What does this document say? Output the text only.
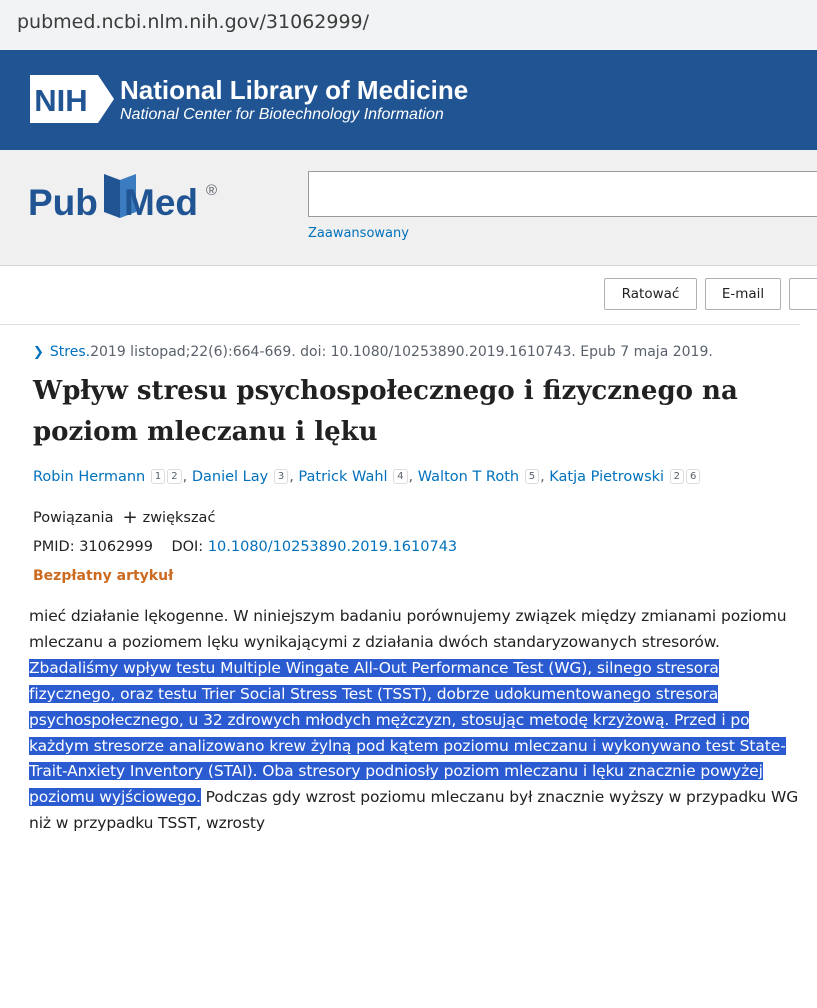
pubmed.ncbi.nlm.nih.gov/31062999/
NIH National Library of Medicine
National Center for Biotechnology Information
Pub Med ®
Zaawansowany
Ratować	E-mail
❯ Stres.2019 listopad;22(6):664-669. doi: 10.1080/10253890.2019.1610743. Epub 7 maja 2019.
Wpływ stresu psychospołecznego i fizycznego na poziom mleczanu i lęku
Robin Hermann $^1$ $^2$ , Daniel Lay $^3$ , Patrick Wahl $^4$ , Walton T Roth $^5$ , Katja Pietrowski $^2$ $^6$
Powiązania + zwiększać
PMID: 31062999 DOI: 10.1080/10253890.2019.1610743
Bezpłatny artykuł
mieć działanie lękogenne. W niniejszym badaniu porównujemy związek między zmianami poziomu mleczanu a poziomem lęku wynikającymi z działania dwóch standaryzowanych stresorów. Zbadaliśmy wpływ testu Multiple Wingate All-Out Performance Test (WG), silnego stresora fizycznego, oraz testu Trier Social Stress Test (TSST), dobrze udokumentowanego stresora psychospołecznego, u 32 zdrowych młodych mężczyzn, stosując metodę krzyżową. Przed i po każdym stresorze analizowano krew żylną pod kątem poziomu mleczanu i wykonywano test State-Trait-Anxiety Inventory (STAI). Oba stresory podniosły poziom mleczanu i lęku znacznie powyżej poziomu wyjściowego. Podczas gdy wzrost poziomu mleczanu był znacznie wyższy w przypadku WG niż w przypadku TSST, wzrosty
